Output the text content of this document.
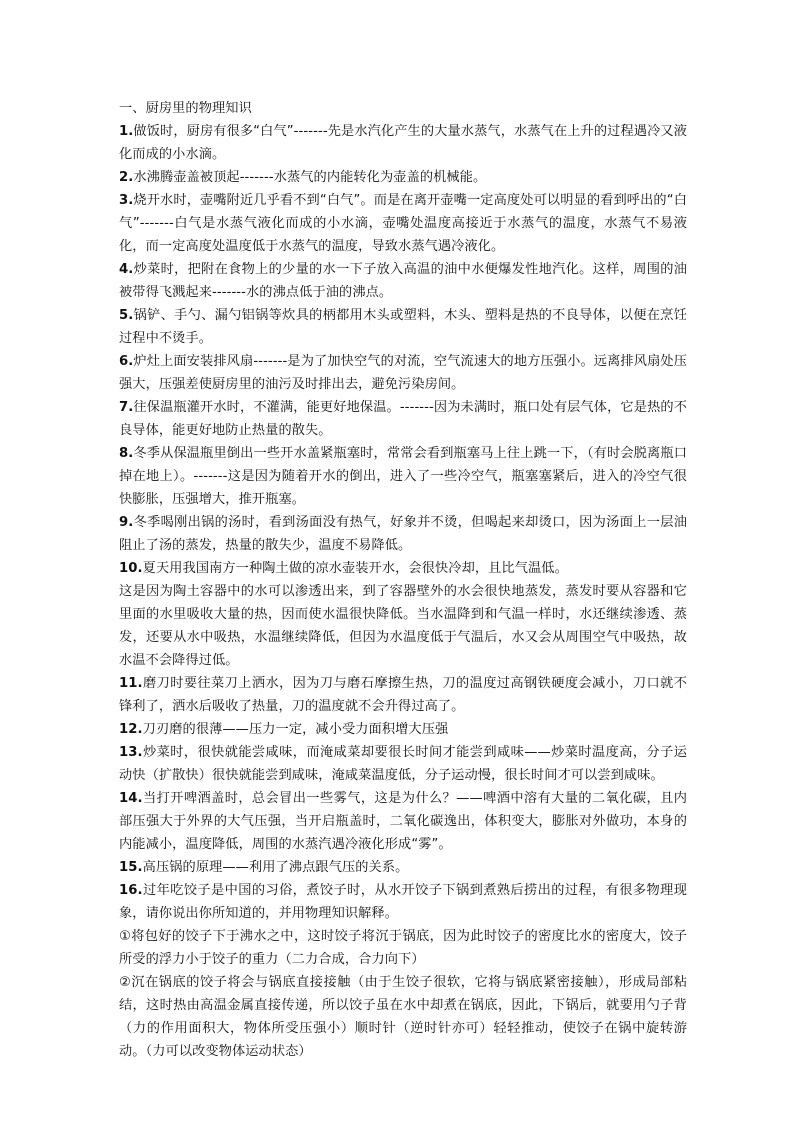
一、厨房里的物理知识

1.做饭时，厨房有很多“白气”-------先是水汽化产生的大量水蒸气，水蒸气在上升的过程遇冷又液化而成的小水滴。

2.水沸腾壶盖被顶起-------水蒸气的内能转化为壶盖的机械能。

3.烧开水时，壶嘴附近几乎看不到“白气”。而是在离开壶嘴一定高度处可以明显的看到呼出的“白气”-------白气是水蒸气液化而成的小水滴，壶嘴处温度高接近于水蒸气的温度，水蒸气不易液化，而一定高度处温度低于水蒸气的温度，导致水蒸气遇冷液化。

4.炒菜时，把附在食物上的少量的水一下子放入高温的油中水便爆发性地汽化。这样，周围的油被带得飞溅起来-------水的沸点低于油的沸点。

5.锅铲、手勺、漏勺铝锅等炊具的柄都用木头或塑料，木头、塑料是热的不良导体，以便在烹饪过程中不烫手。

6.炉灶上面安装排风扇-------是为了加快空气的对流，空气流速大的地方压强小。远离排风扇处压强大，压强差使厨房里的油污及时排出去，避免污染房间。

7.往保温瓶灌开水时，不灌满，能更好地保温。-------因为未满时，瓶口处有层气体，它是热的不良导体，能更好地防止热量的散失。

8.冬季从保温瓶里倒出一些开水盖紧瓶塞时，常常会看到瓶塞马上往上跳一下，（有时会脱离瓶口掉在地上）。-------这是因为随着开水的倒出，进入了一些冷空气，瓶塞塞紧后，进入的冷空气很快膨胀，压强增大，推开瓶塞。

9.冬季喝刚出锅的汤时，看到汤面没有热气，好象并不烫，但喝起来却烫口，因为汤面上一层油阻止了汤的蒸发，热量的散失少，温度不易降低。

10.夏天用我国南方一种陶土做的凉水壶装开水，会很快冷却，且比气温低。

这是因为陶土容器中的水可以渗透出来，到了容器壁外的水会很快地蒸发，蒸发时要从容器和它里面的水里吸收大量的热，因而使水温很快降低。当水温降到和气温一样时，水还继续渗透、蒸发，还要从水中吸热，水温继续降低，但因为水温度低于气温后，水又会从周围空气中吸热，故水温不会降得过低。

11.磨刀时要往菜刀上洒水，因为刀与磨石摩擦生热，刀的温度过高钢铁硬度会减小，刀口就不锋利了，洒水后吸收了热量，刀的温度就不会升得过高了。

12.刀刃磨的很薄——压力一定，减小受力面积增大压强

13.炒菜时，很快就能尝咸味，而淹咸菜却要很长时间才能尝到咸味——炒菜时温度高，分子运动快（扩散快）很快就能尝到咸味，淹咸菜温度低，分子运动慢，很长时间才可以尝到咸味。

14.当打开啤酒盖时，总会冒出一些雾气，这是为什么？——啤酒中溶有大量的二氧化碳，且内部压强大于外界的大气压强，当开启瓶盖时，二氧化碳逸出，体积变大，膨胀对外做功，本身的内能减小，温度降低，周围的水蒸汽遇冷液化形成“雾”。

15.高压锅的原理——利用了沸点跟气压的关系。

16.过年吃饺子是中国的习俗，煮饺子时，从水开饺子下锅到煮熟后捞出的过程，有很多物理现象，请你说出你所知道的，并用物理知识解释。

①将包好的饺子下于沸水之中，这时饺子将沉于锅底，因为此时饺子的密度比水的密度大，饺子所受的浮力小于饺子的重力（二力合成，合力向下）

②沉在锅底的饺子将会与锅底直接接触（由于生饺子很软，它将与锅底紧密接触），形成局部粘结，这时热由高温金属直接传递，所以饺子虽在水中却煮在锅底，因此，下锅后，就要用勺子背（力的作用面积大，物体所受压强小）顺时针（逆时针亦可）轻轻推动，使饺子在锅中旋转游动。（力可以改变物体运动状态）
